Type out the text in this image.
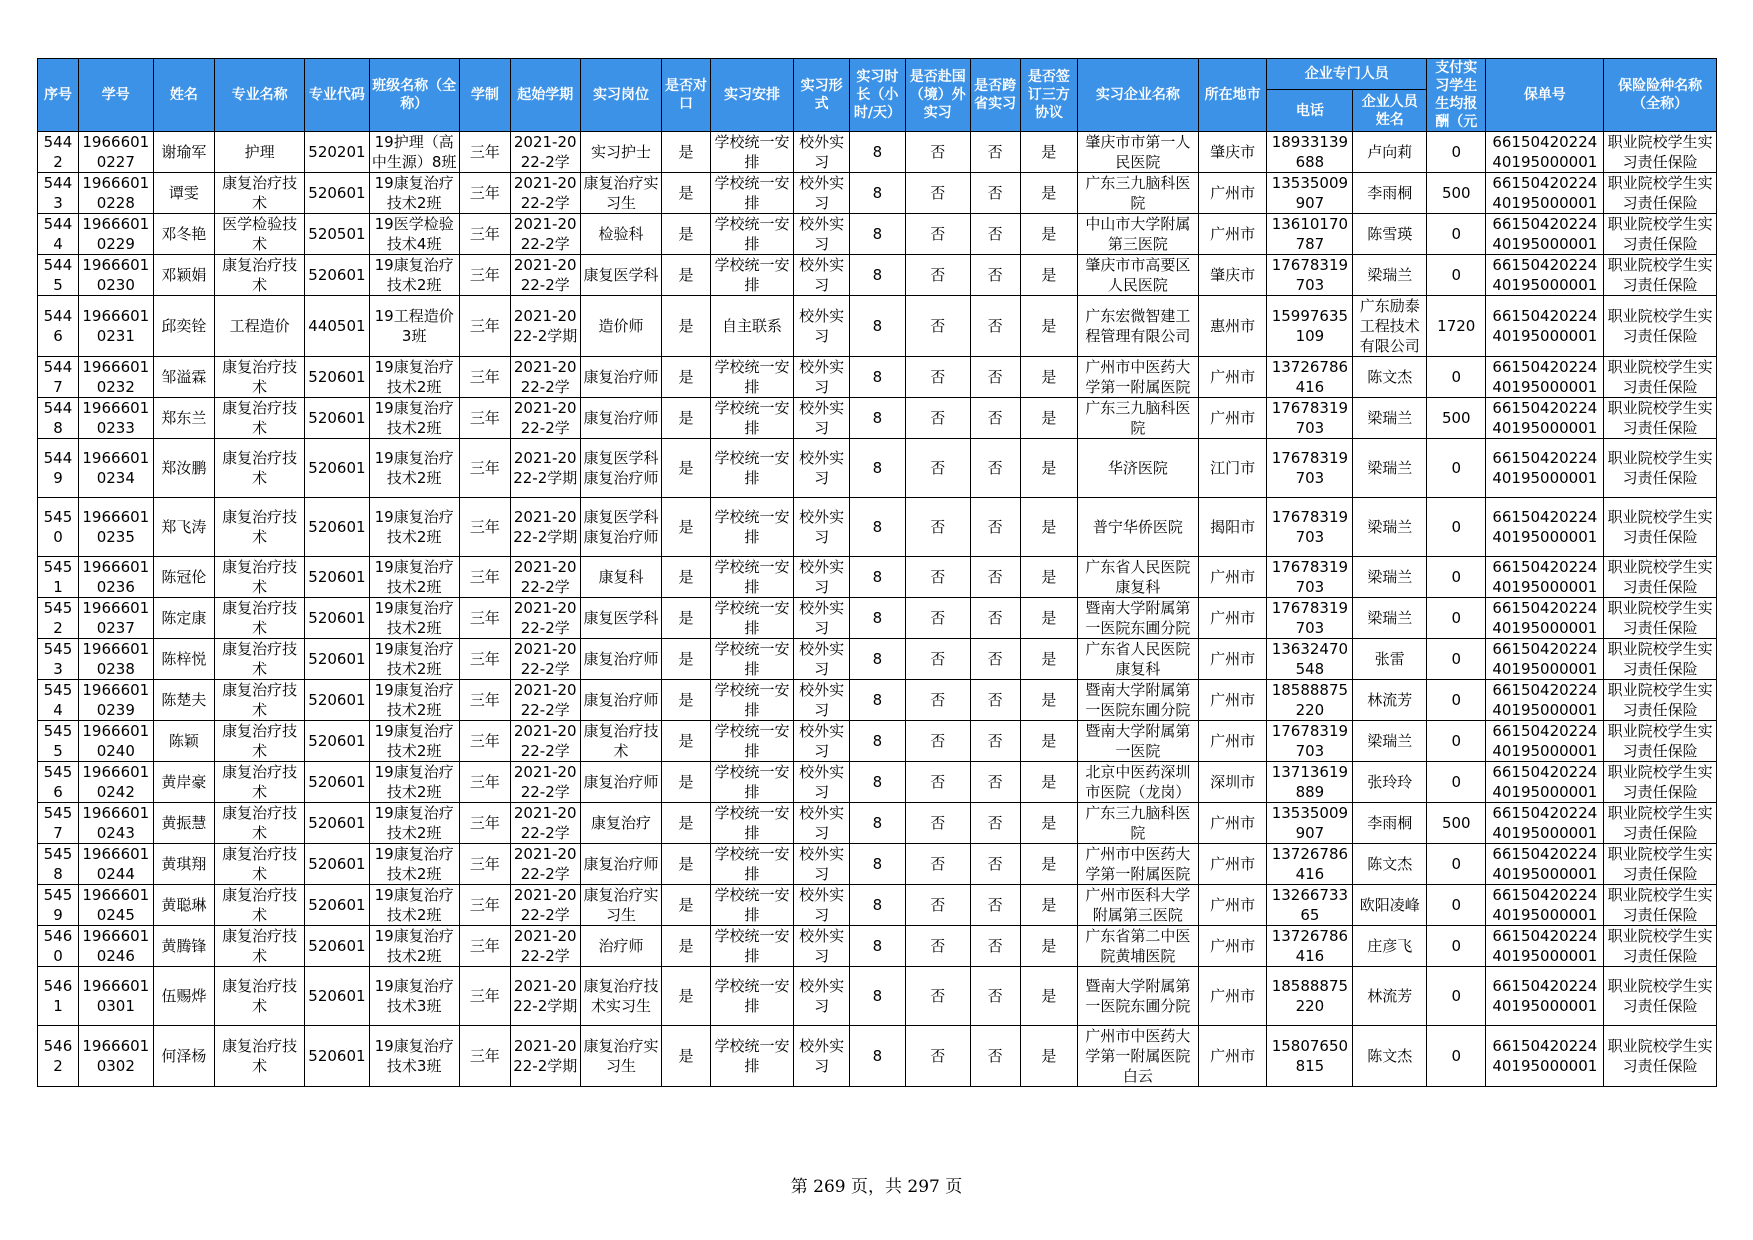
序号	学号	姓名	专业名称	专业代码	班级名称（全称）	学制	起始学期	实习岗位	是否对口	实习安排	实习形式	实习时长（小时/天）	是否赴国（境）外实习	是否跨省实习	是否签订三方协议	实习企业名称	所在地市	企业专门人员		支付实习学生生均报酬（元	保单号	保险险种名称（全称）
																		电话	企业人员姓名			
5442	19666010227	谢瑜军	护理	520201	19护理（高中生源）8班	三年	2021-2022-2学	实习护士	是	学校统一安排	校外实习	8	否	否	是	肇庆市市第一人民医院	肇庆市	18933139688	卢向莉	0	6615042022440195000001	职业院校学生实习责任保险
5443	19666010228	谭雯	康复治疗技术	520601	19康复治疗技术2班	三年	2021-2022-2学	康复治疗实习生	是	学校统一安排	校外实习	8	否	否	是	广东三九脑科医院	广州市	13535009907	李雨桐	500	6615042022440195000001	职业院校学生实习责任保险
5444	19666010229	邓冬艳	医学检验技术	520501	19医学检验技术4班	三年	2021-2022-2学	检验科	是	学校统一安排	校外实习	8	否	否	是	中山市大学附属第三医院	广州市	13610170787	陈雪瑛	0	6615042022440195000001	职业院校学生实习责任保险
5445	19666010230	邓颖娟	康复治疗技术	520601	19康复治疗技术2班	三年	2021-2022-2学	康复医学科	是	学校统一安排	校外实习	8	否	否	是	肇庆市市高要区人民医院	肇庆市	17678319703	梁瑞兰	0	6615042022440195000001	职业院校学生实习责任保险
5446	19666010231	邱奕铨	工程造价	440501	19工程造价3班	三年	2021-2022-2学期	造价师	是	自主联系	校外实习	8	否	否	是	广东宏微智建工程管理有限公司	惠州市	15997635109	广东励泰工程技术有限公司	1720	6615042022440195000001	职业院校学生实习责任保险
5447	19666010232	邹溢霖	康复治疗技术	520601	19康复治疗技术2班	三年	2021-2022-2学	康复治疗师	是	学校统一安排	校外实习	8	否	否	是	广州市中医药大学第一附属医院	广州市	13726786416	陈文杰	0	6615042022440195000001	职业院校学生实习责任保险
5448	19666010233	郑东兰	康复治疗技术	520601	19康复治疗技术2班	三年	2021-2022-2学	康复治疗师	是	学校统一安排	校外实习	8	否	否	是	广东三九脑科医院	广州市	17678319703	梁瑞兰	500	6615042022440195000001	职业院校学生实习责任保险
5449	19666010234	郑汝鹏	康复治疗技术	520601	19康复治疗技术2班	三年	2021-2022-2学期	康复医学科康复治疗师	是	学校统一安排	校外实习	8	否	否	是	华济医院	江门市	17678319703	梁瑞兰	0	6615042022440195000001	职业院校学生实习责任保险
5450	19666010235	郑飞涛	康复治疗技术	520601	19康复治疗技术2班	三年	2021-2022-2学期	康复医学科康复治疗师	是	学校统一安排	校外实习	8	否	否	是	普宁华侨医院	揭阳市	17678319703	梁瑞兰	0	6615042022440195000001	职业院校学生实习责任保险
5451	19666010236	陈冠伦	康复治疗技术	520601	19康复治疗技术2班	三年	2021-2022-2学	康复科	是	学校统一安排	校外实习	8	否	否	是	广东省人民医院康复科	广州市	17678319703	梁瑞兰	0	6615042022440195000001	职业院校学生实习责任保险
5452	19666010237	陈定康	康复治疗技术	520601	19康复治疗技术2班	三年	2021-2022-2学	康复医学科	是	学校统一安排	校外实习	8	否	否	是	暨南大学附属第一医院东圃分院	广州市	17678319703	梁瑞兰	0	6615042022440195000001	职业院校学生实习责任保险
5453	19666010238	陈梓悦	康复治疗技术	520601	19康复治疗技术2班	三年	2021-2022-2学	康复治疗师	是	学校统一安排	校外实习	8	否	否	是	广东省人民医院康复科	广州市	13632470548	张雷	0	6615042022440195000001	职业院校学生实习责任保险
5454	19666010239	陈楚夫	康复治疗技术	520601	19康复治疗技术2班	三年	2021-2022-2学	康复治疗师	是	学校统一安排	校外实习	8	否	否	是	暨南大学附属第一医院东圃分院	广州市	18588875220	林流芳	0	6615042022440195000001	职业院校学生实习责任保险
5455	19666010240	陈颖	康复治疗技术	520601	19康复治疗技术2班	三年	2021-2022-2学	康复治疗技术	是	学校统一安排	校外实习	8	否	否	是	暨南大学附属第一医院	广州市	17678319703	梁瑞兰	0	6615042022440195000001	职业院校学生实习责任保险
5456	19666010242	黄岸豪	康复治疗技术	520601	19康复治疗技术2班	三年	2021-2022-2学	康复治疗师	是	学校统一安排	校外实习	8	否	否	是	北京中医药深圳市医院（龙岗）	深圳市	13713619889	张玲玲	0	6615042022440195000001	职业院校学生实习责任保险
5457	19666010243	黄振慧	康复治疗技术	520601	19康复治疗技术2班	三年	2021-2022-2学	康复治疗	是	学校统一安排	校外实习	8	否	否	是	广东三九脑科医院	广州市	13535009907	李雨桐	500	6615042022440195000001	职业院校学生实习责任保险
5458	19666010244	黄琪翔	康复治疗技术	520601	19康复治疗技术2班	三年	2021-2022-2学	康复治疗师	是	学校统一安排	校外实习	8	否	否	是	广州市中医药大学第一附属医院	广州市	13726786416	陈文杰	0	6615042022440195000001	职业院校学生实习责任保险
5459	19666010245	黄聪琳	康复治疗技术	520601	19康复治疗技术2班	三年	2021-2022-2学	康复治疗实习生	是	学校统一安排	校外实习	8	否	否	是	广州市医科大学附属第三医院	广州市	1326673365	欧阳凌峰	0	6615042022440195000001	职业院校学生实习责任保险
5460	19666010246	黄腾锋	康复治疗技术	520601	19康复治疗技术2班	三年	2021-2022-2学	治疗师	是	学校统一安排	校外实习	8	否	否	是	广东省第二中医院黄埔医院	广州市	13726786416	庄彦飞	0	6615042022440195000001	职业院校学生实习责任保险
5461	19666010301	伍赐烨	康复治疗技术	520601	19康复治疗技术3班	三年	2021-2022-2学期	康复治疗技术实习生	是	学校统一安排	校外实习	8	否	否	是	暨南大学附属第一医院东圃分院	广州市	18588875220	林流芳	0	6615042022440195000001	职业院校学生实习责任保险
5462	19666010302	何泽杨	康复治疗技术	520601	19康复治疗技术3班	三年	2021-2022-2学期	康复治疗实习生	是	学校统一安排	校外实习	8	否	否	是	广州市中医药大学第一附属医院白云	广州市	15807650815	陈文杰	0	6615042022440195000001	职业院校学生实习责任保险
第 269 页，共 297 页
